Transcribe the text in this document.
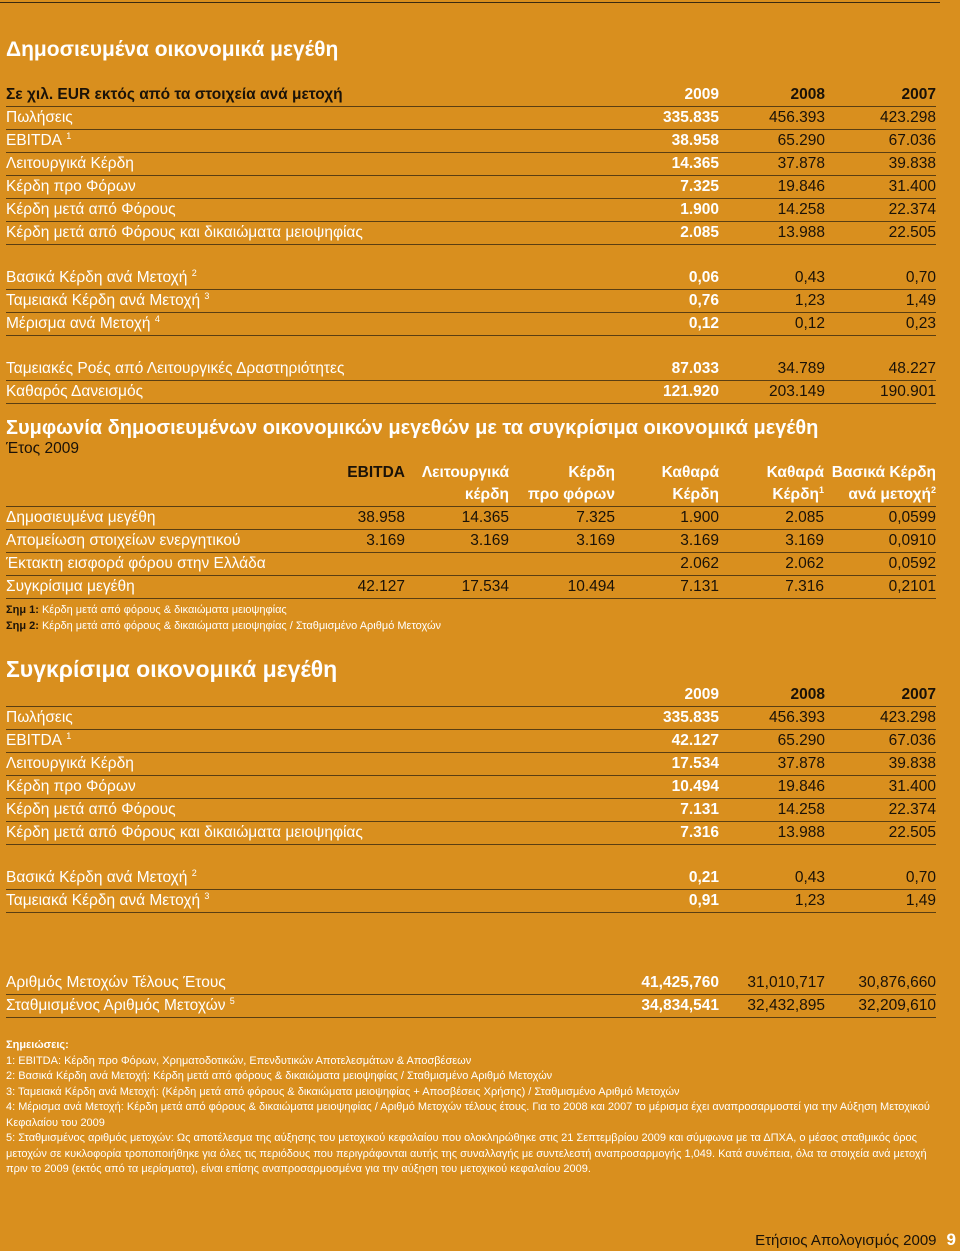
Δημοσιευμένα οικονομικά μεγέθη
Σε χιλ. EUR εκτός από τα στοιχεία ανά μετοχή	2009	2008	2007
Πωλήσεις	335.835	456.393	423.298
EBITDA $^1$	38.958	65.290	67.036
Λειτουργικά Κέρδη	14.365	37.878	39.838
Κέρδη προ Φόρων	7.325	19.846	31.400
Κέρδη μετά από Φόρους	1.900	14.258	22.374
Κέρδη μετά από Φόρους και δικαιώματα μειοψηφίας	2.085	13.988	22.505

Βασικά Κέρδη ανά Μετοχή $^2$	0,06	0,43	0,70
Ταμειακά Κέρδη ανά Μετοχή $^3$	0,76	1,23	1,49
Μέρισμα ανά Μετοχή $^4$	0,12	0,12	0,23

Ταμειακές Ροές από Λειτουργικές Δραστηριότητες	87.033	34.789	48.227
Καθαρός Δανεισμός	121.920	203.149	190.901
Συμφωνία δημοσιευμένων οικονομικών μεγεθών με τα συγκρίσιμα οικονομικά μεγέθη
Έτος 2009
	EBITDA	Λειτουργικά	Κέρδη	Καθαρά	Καθαρά	Βασικά Κέρδη
		κέρδη	προ φόρων	Κέρδη	Κέρδη$^1$	ανά μετοχή$^2$
Δημοσιευμένα μεγέθη	38.958	14.365	7.325	1.900	2.085	0,0599
Απομείωση στοιχείων ενεργητικού	3.169	3.169	3.169	3.169	3.169	0,0910
Έκτακτη εισφορά φόρου στην Ελλάδα				2.062	2.062	0,0592
Συγκρίσιμα μεγέθη	42.127	17.534	10.494	7.131	7.316	0,2101
Σημ 1: Κέρδη μετά από φόρους & δικαιώματα μειοψηφίας
Σημ 2: Κέρδη μετά από φόρους & δικαιώματα μειοψηφίας / Σταθμισμένο Αριθμό Μετοχών
Συγκρίσιμα οικονομικά μεγέθη
	2009	2008	2007
Πωλήσεις	335.835	456.393	423.298
EBITDA $^1$	42.127	65.290	67.036
Λειτουργικά Κέρδη	17.534	37.878	39.838
Κέρδη προ Φόρων	10.494	19.846	31.400
Κέρδη μετά από Φόρους	7.131	14.258	22.374
Κέρδη μετά από Φόρους και δικαιώματα μειοψηφίας	7.316	13.988	22.505

Βασικά Κέρδη ανά Μετοχή $^2$	0,21	0,43	0,70
Ταμειακά Κέρδη ανά Μετοχή $^3$	0,91	1,23	1,49
Αριθμός Μετοχών Τέλους Έτους	41,425,760	31,010,717	30,876,660
Σταθμισμένος Αριθμός Μετοχών $^5$	34,834,541	32,432,895	32,209,610
Σημειώσεις:
1: EBITDA: Κέρδη προ Φόρων, Χρηματοδοτικών, Επενδυτικών Αποτελεσμάτων & Αποσβέσεων
2: Βασικά Κέρδη ανά Μετοχή: Κέρδη μετά από φόρους & δικαιώματα μειοψηφίας / Σταθμισμένο Αριθμό Μετοχών
3: Ταμειακά Κέρδη ανά Μετοχή: (Κέρδη μετά από φόρους & δικαιώματα μειοψηφίας + Αποσβέσεις Χρήσης) / Σταθμισμένο Αριθμό Μετοχών
4: Μέρισμα ανά Μετοχή: Κέρδη μετά από φόρους & δικαιώματα μειοψηφίας / Αριθμό Μετοχών τέλους έτους. Για το 2008 και 2007 το μέρισμα έχει αναπροσαρμοστεί για την Αύξηση Μετοχικού Κεφαλαίου του 2009
5: Σταθμισμένος αριθμός μετοχών: Ως αποτέλεσμα της αύξησης του μετοχικού κεφαλαίου που ολοκληρώθηκε στις 21 Σεπτεμβρίου 2009 και σύμφωνα με τα ΔΠΧΑ, ο μέσος σταθμικός όρος μετοχών σε κυκλοφορία τροποποιήθηκε για όλες τις περιόδους που περιγράφονται αυτής της συναλλαγής με συντελεστή αναπροσαρμογής 1,049. Κατά συνέπεια, όλα τα στοιχεία ανά μετοχή πριν το 2009 (εκτός από τα μερίσματα), είναι επίσης αναπροσαρμοσμένα για την αύξηση του μετοχικού κεφαλαίου 2009.
Ετήσιος Απολογισμός 2009 9
